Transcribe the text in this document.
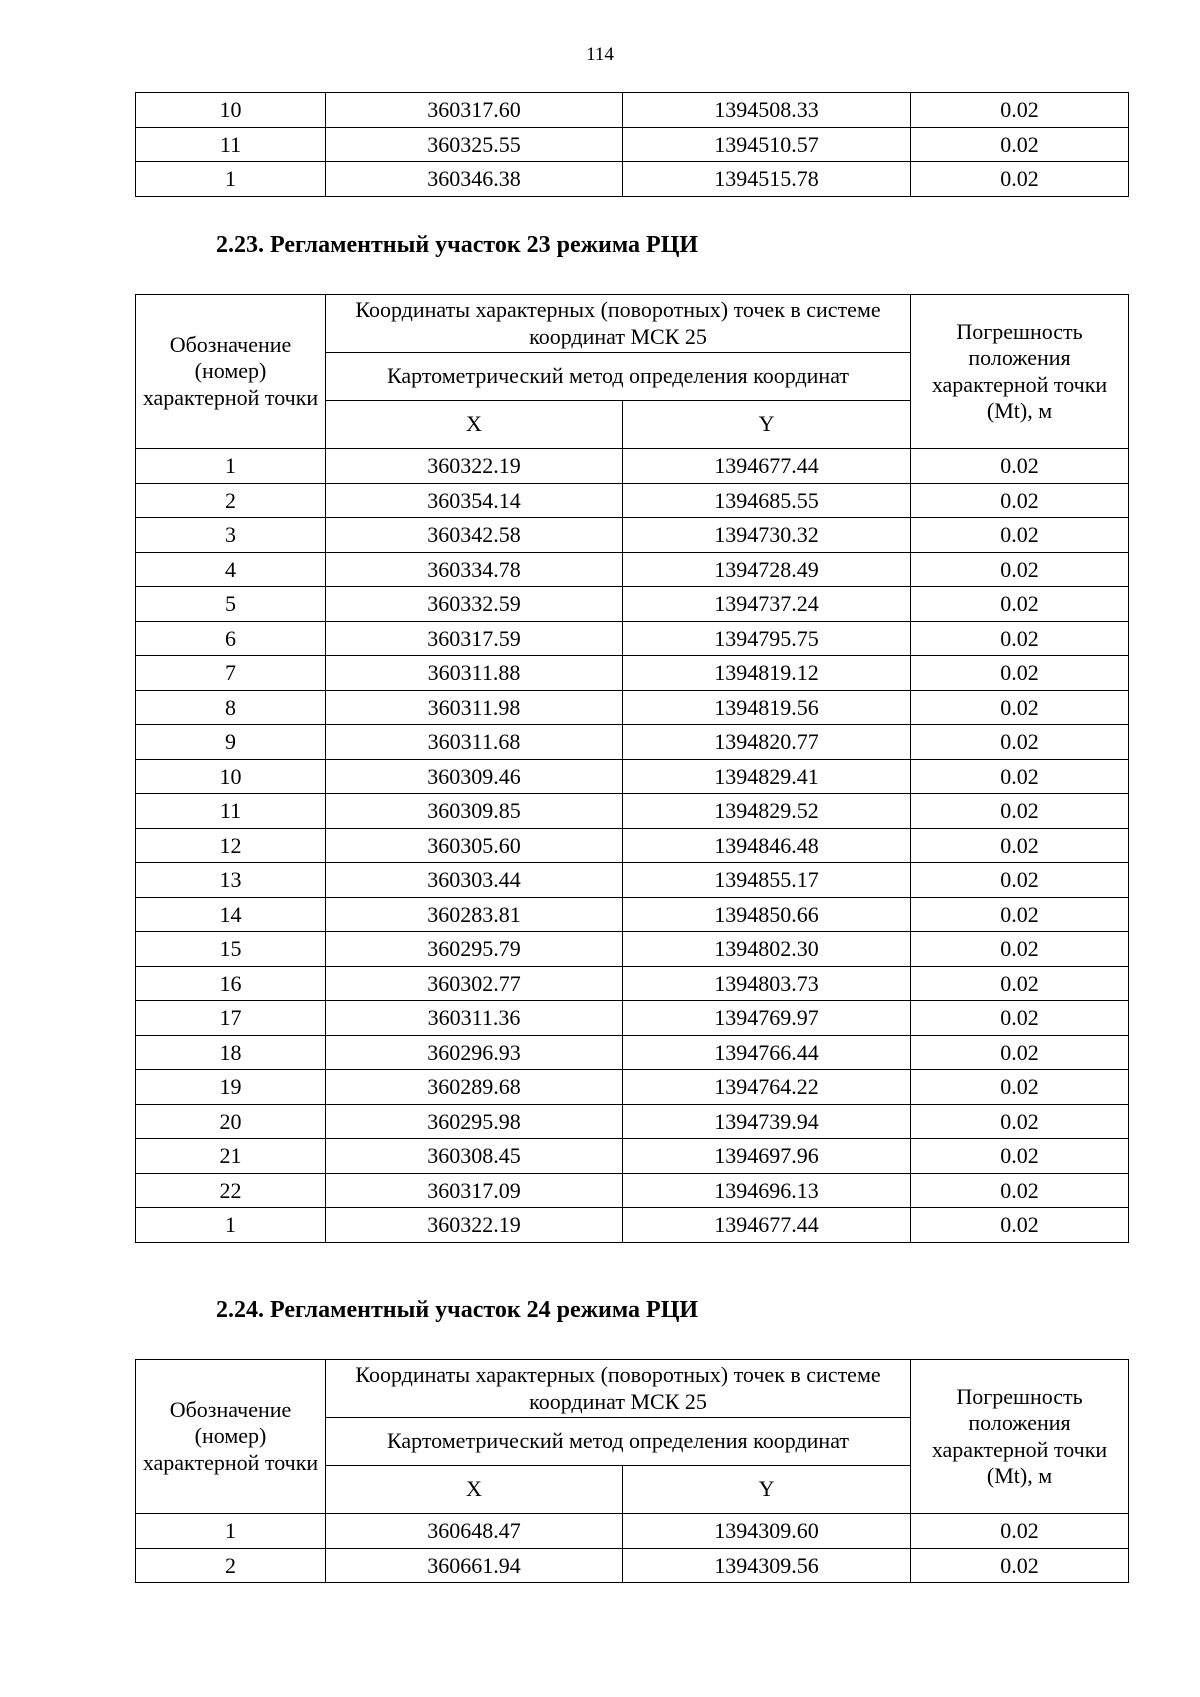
114
10	360317.60	1394508.33	0.02
11	360325.55	1394510.57	0.02
1	360346.38	1394515.78	0.02
2.23. Регламентный участок 23 режима РЦИ
Обозначение (номер) характерной точки	Координаты характерных (поворотных) точек в системе координат МСК 25		Погрешность положения характерной точки (Mt), м
	Картометрический метод определения координат		
	X	Y	
1	360322.19	1394677.44	0.02
2	360354.14	1394685.55	0.02
3	360342.58	1394730.32	0.02
4	360334.78	1394728.49	0.02
5	360332.59	1394737.24	0.02
6	360317.59	1394795.75	0.02
7	360311.88	1394819.12	0.02
8	360311.98	1394819.56	0.02
9	360311.68	1394820.77	0.02
10	360309.46	1394829.41	0.02
11	360309.85	1394829.52	0.02
12	360305.60	1394846.48	0.02
13	360303.44	1394855.17	0.02
14	360283.81	1394850.66	0.02
15	360295.79	1394802.30	0.02
16	360302.77	1394803.73	0.02
17	360311.36	1394769.97	0.02
18	360296.93	1394766.44	0.02
19	360289.68	1394764.22	0.02
20	360295.98	1394739.94	0.02
21	360308.45	1394697.96	0.02
22	360317.09	1394696.13	0.02
1	360322.19	1394677.44	0.02
2.24. Регламентный участок 24 режима РЦИ
Обозначение (номер) характерной точки	Координаты характерных (поворотных) точек в системе координат МСК 25		Погрешность положения характерной точки (Mt), м
	Картометрический метод определения координат		
	X	Y	
1	360648.47	1394309.60	0.02
2	360661.94	1394309.56	0.02
